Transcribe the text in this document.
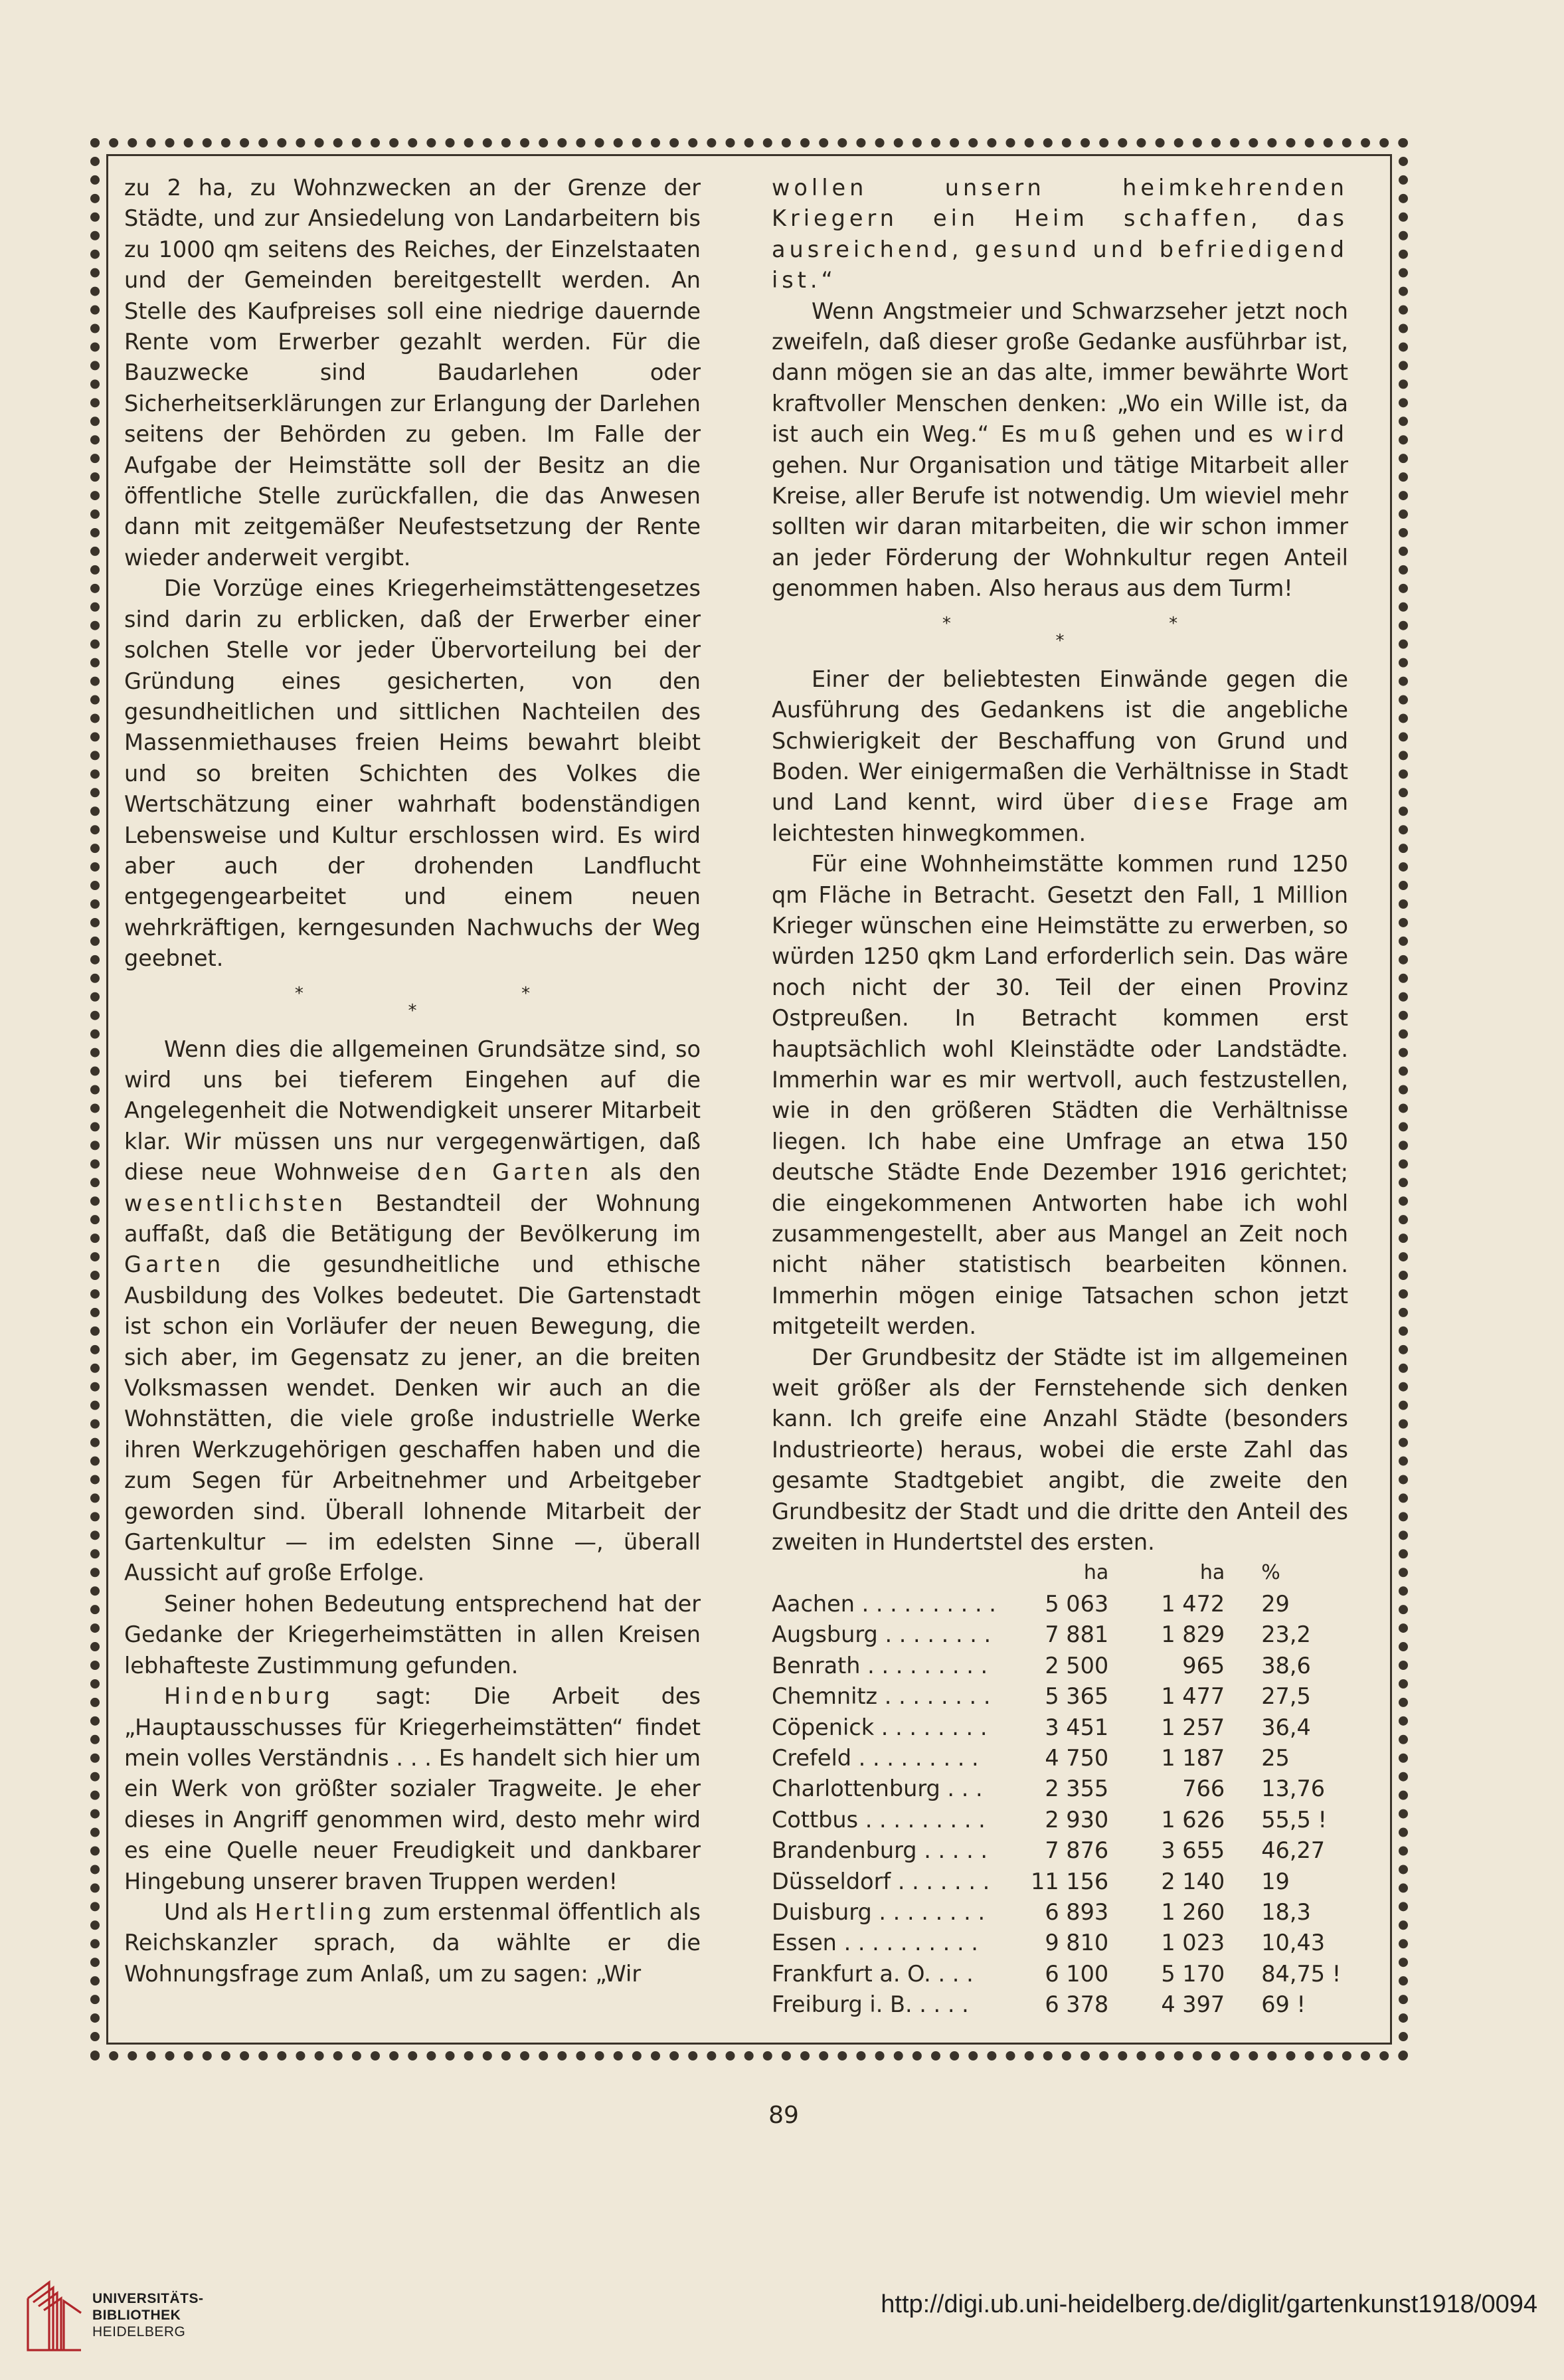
zu 2 ha, zu Wohnzwecken an der Grenze der Städte, und zur Ansiedelung von Landarbeitern bis zu 1000 qm seitens des Reiches, der Einzelstaaten und der Gemeinden bereitgestellt werden. An Stelle des Kaufpreises soll eine niedrige dauernde Rente vom Erwerber gezahlt werden. Für die Bauzwecke sind Baudarlehen oder Sicherheitserklärungen zur Erlangung der Darlehen seitens der Behörden zu geben. Im Falle der Aufgabe der Heimstätte soll der Besitz an die öffentliche Stelle zurückfallen, die das Anwesen dann mit zeitgemäßer Neufestsetzung der Rente wieder anderweit vergibt.

Die Vorzüge eines Kriegerheimstättengesetzes sind darin zu erblicken, daß der Erwerber einer solchen Stelle vor jeder Übervorteilung bei der Gründung eines gesicherten, von den gesundheitlichen und sittlichen Nachteilen des Massenmiethauses freien Heims bewahrt bleibt und so breiten Schichten des Volkes die Wertschätzung einer wahrhaft bodenständigen Lebensweise und Kultur erschlossen wird. Es wird aber auch der drohenden Landflucht entgegengearbeitet und einem neuen wehrkräftigen, kerngesunden Nachwuchs der Weg geebnet.

* *
*

Wenn dies die allgemeinen Grundsätze sind, so wird uns bei tieferem Eingehen auf die Angelegenheit die Notwendigkeit unserer Mitarbeit klar. Wir müssen uns nur vergegenwärtigen, daß diese neue Wohnweise den Garten als den wesentlichsten Bestandteil der Wohnung auffaßt, daß die Betätigung der Bevölkerung im Garten die gesundheitliche und ethische Ausbildung des Volkes bedeutet. Die Gartenstadt ist schon ein Vorläufer der neuen Bewegung, die sich aber, im Gegensatz zu jener, an die breiten Volksmassen wendet. Denken wir auch an die Wohnstätten, die viele große industrielle Werke ihren Werkzugehörigen geschaffen haben und die zum Segen für Arbeitnehmer und Arbeitgeber geworden sind. Überall lohnende Mitarbeit der Gartenkultur — im edelsten Sinne —, überall Aussicht auf große Erfolge.

Seiner hohen Bedeutung entsprechend hat der Gedanke der Kriegerheimstätten in allen Kreisen lebhafteste Zustimmung gefunden.

Hindenburg sagt: Die Arbeit des „Hauptausschusses für Kriegerheimstätten“ findet mein volles Verständnis . . . Es handelt sich hier um ein Werk von größter sozialer Tragweite. Je eher dieses in Angriff genommen wird, desto mehr wird es eine Quelle neuer Freudigkeit und dankbarer Hingebung unserer braven Truppen werden!

Und als Hertling zum erstenmal öffentlich als Reichskanzler sprach, da wählte er die Wohnungsfrage zum Anlaß, um zu sagen: „Wir

wollen unsern heimkehrenden Kriegern ein Heim schaffen, das ausreichend, gesund und befriedigend ist.“

Wenn Angstmeier und Schwarzseher jetzt noch zweifeln, daß dieser große Gedanke ausführbar ist, dann mögen sie an das alte, immer bewährte Wort kraftvoller Menschen denken: „Wo ein Wille ist, da ist auch ein Weg.“ Es muß gehen und es wird gehen. Nur Organisation und tätige Mitarbeit aller Kreise, aller Berufe ist notwendig. Um wieviel mehr sollten wir daran mitarbeiten, die wir schon immer an jeder Förderung der Wohnkultur regen Anteil genommen haben. Also heraus aus dem Turm!

* *
*

Einer der beliebtesten Einwände gegen die Ausführung des Gedankens ist die angebliche Schwierigkeit der Beschaffung von Grund und Boden. Wer einigermaßen die Verhältnisse in Stadt und Land kennt, wird über diese Frage am leichtesten hinwegkommen.

Für eine Wohnheimstätte kommen rund 1250 qm Fläche in Betracht. Gesetzt den Fall, 1 Million Krieger wünschen eine Heimstätte zu erwerben, so würden 1250 qkm Land erforderlich sein. Das wäre noch nicht der 30. Teil der einen Provinz Ostpreußen. In Betracht kommen erst hauptsächlich wohl Kleinstädte oder Landstädte. Immerhin war es mir wertvoll, auch festzustellen, wie in den größeren Städten die Verhältnisse liegen. Ich habe eine Umfrage an etwa 150 deutsche Städte Ende Dezember 1916 gerichtet; die eingekommenen Antworten habe ich wohl zusammengestellt, aber aus Mangel an Zeit noch nicht näher statistisch bearbeiten können. Immerhin mögen einige Tatsachen schon jetzt mitgeteilt werden.

Der Grundbesitz der Städte ist im allgemeinen weit größer als der Fernstehende sich denken kann. Ich greife eine Anzahl Städte (besonders Industrieorte) heraus, wobei die erste Zahl das gesamte Stadtgebiet angibt, die zweite den Grundbesitz der Stadt und die dritte den Anteil des zweiten in Hundertstel des ersten.

	ha	ha	%
Aachen . . . . . . . . . .	5 063	1 472	29
Augsburg . . . . . . . .	7 881	1 829	23,2
Benrath . . . . . . . . .	2 500	965	38,6
Chemnitz . . . . . . . .	5 365	1 477	27,5
Cöpenick . . . . . . . .	3 451	1 257	36,4
Crefeld . . . . . . . . .	4 750	1 187	25
Charlottenburg . . .	2 355	766	13,76
Cottbus . . . . . . . . .	2 930	1 626	55,5 !
Brandenburg . . . . .	7 876	3 655	46,27
Düsseldorf . . . . . . .	11 156	2 140	19
Duisburg . . . . . . . .	6 893	1 260	18,3
Essen . . . . . . . . . .	9 810	1 023	10,43
Frankfurt a. O. . . .	6 100	5 170	84,75 !
Freiburg i. B. . . . .	6 378	4 397	69 !
89
UNIVERSITÄTS-
BIBLIOTHEK
HEIDELBERG
http://digi.ub.uni-heidelberg.de/diglit/gartenkunst1918/0094
